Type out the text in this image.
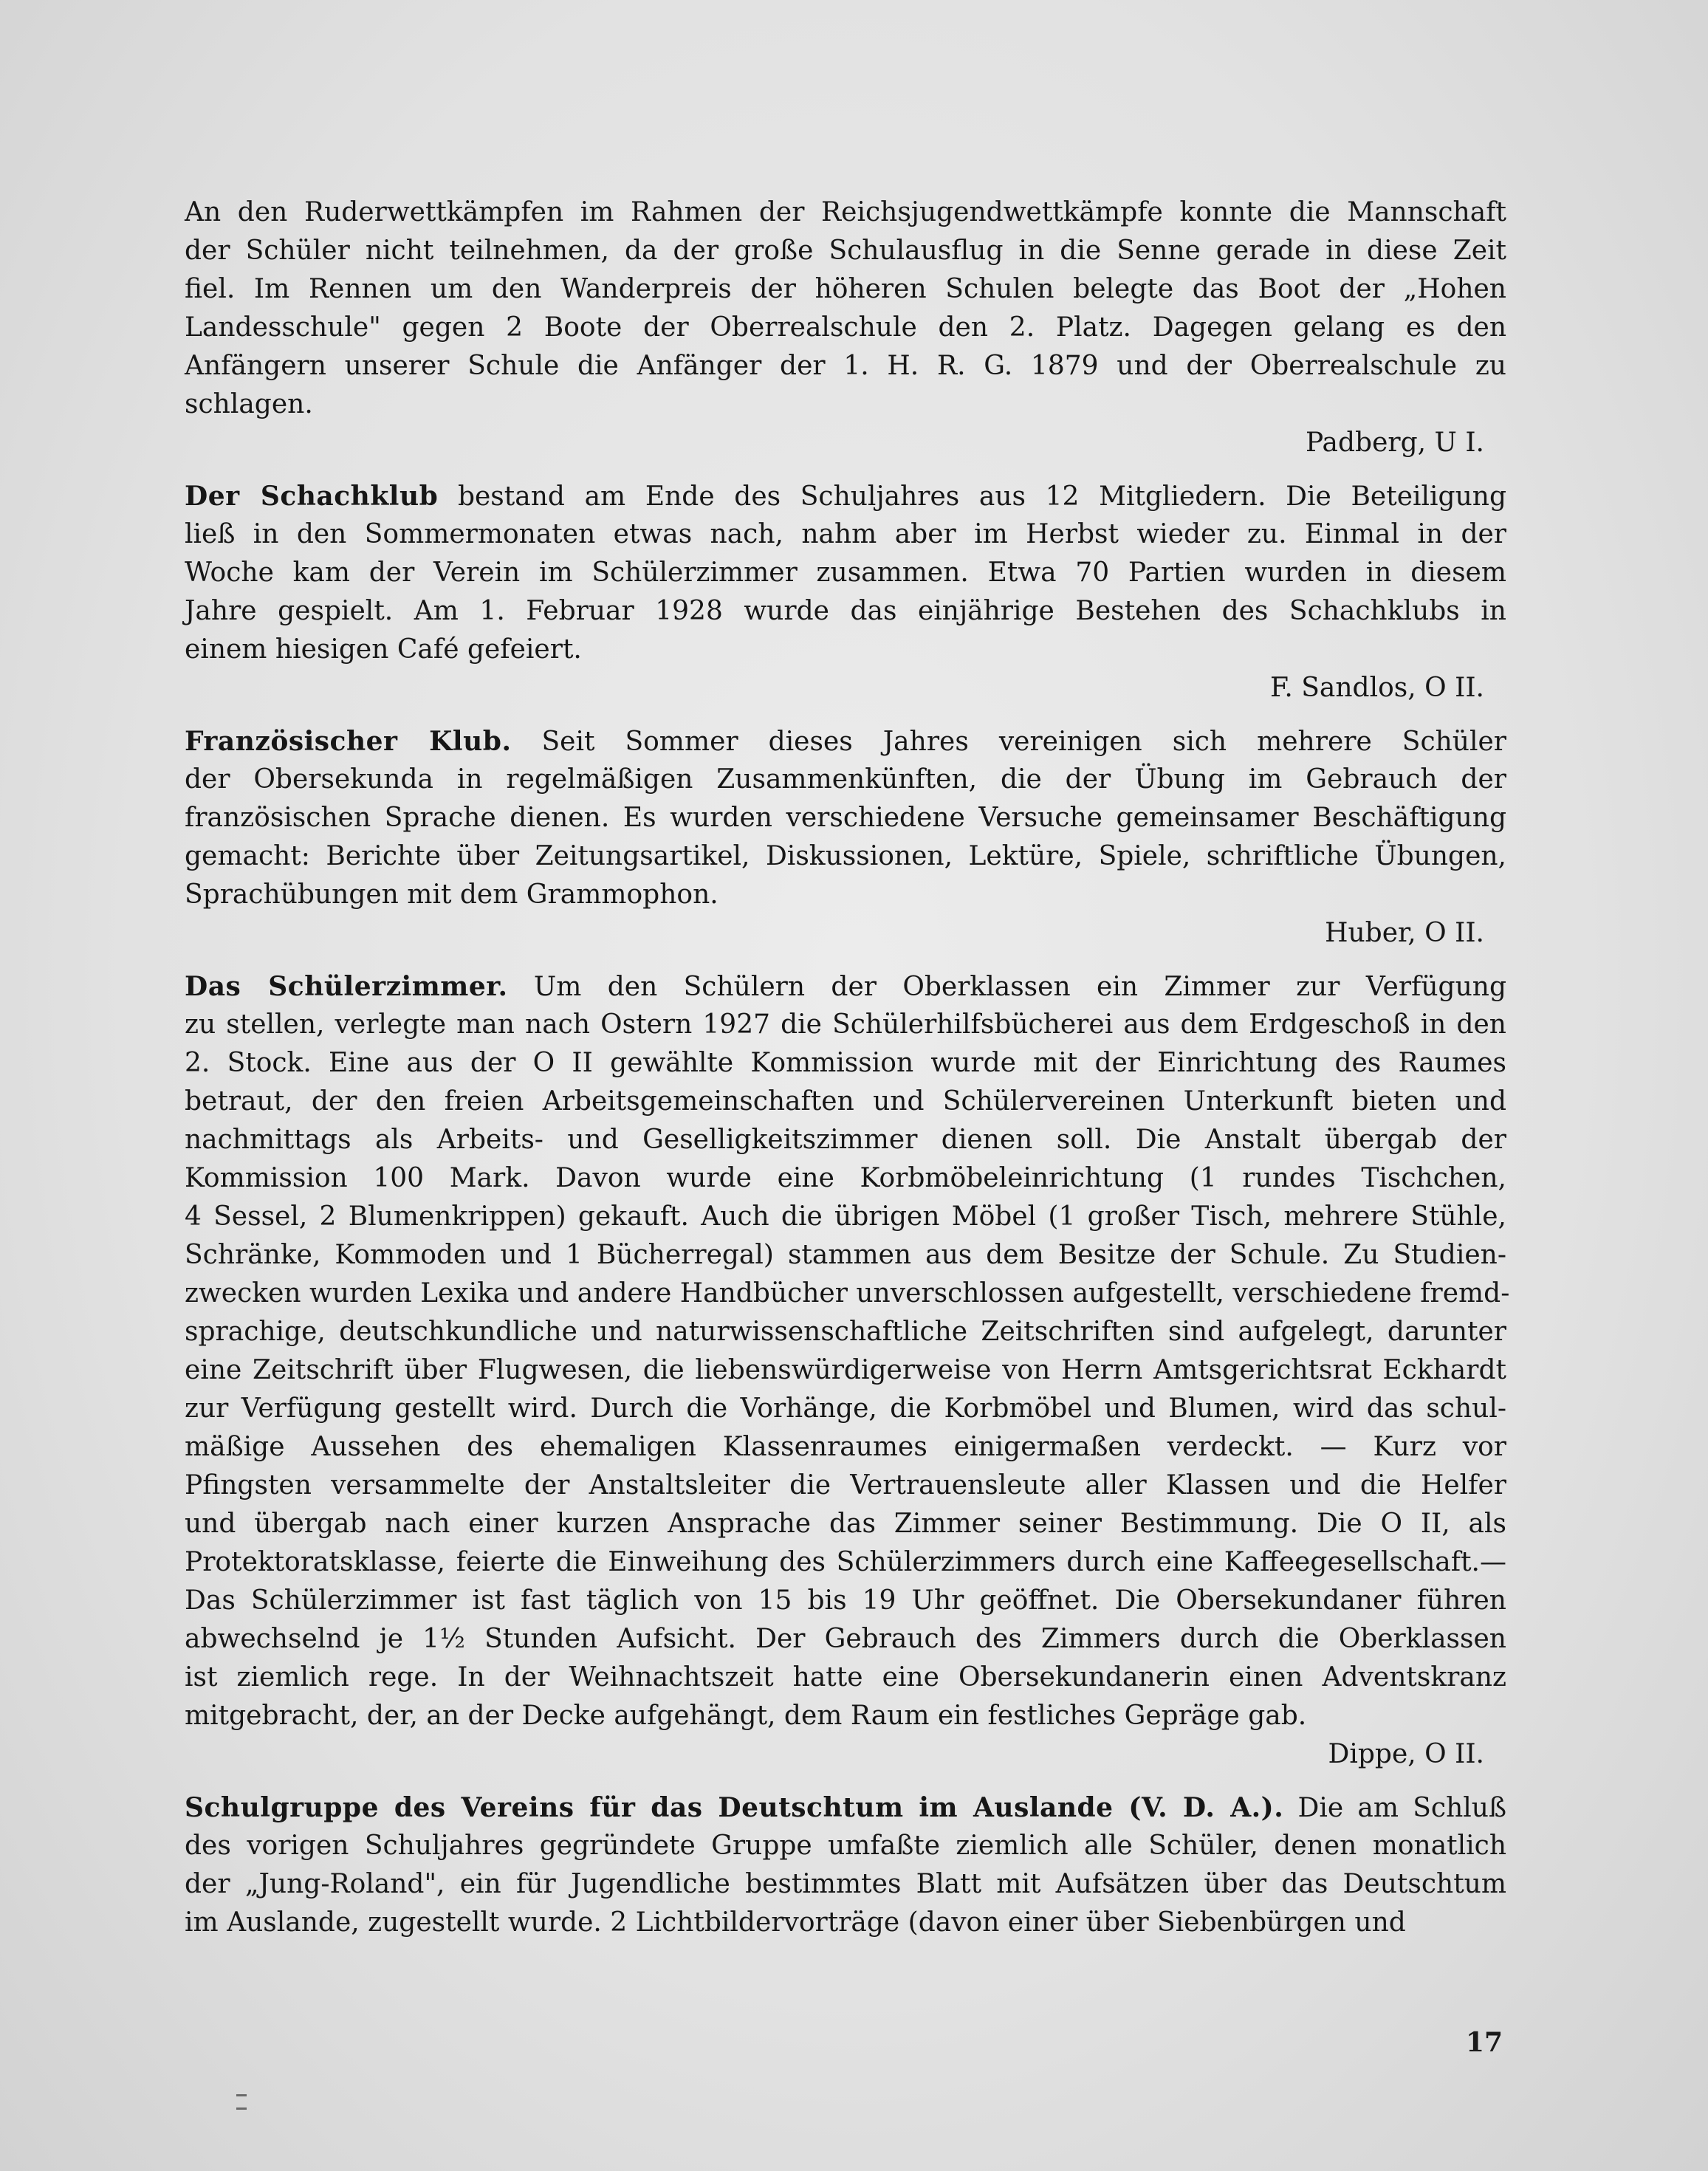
An den Ruderwettkämpfen im Rahmen der Reichsjugendwettkämpfe konnte die Mannschaft
der Schüler nicht teilnehmen, da der große Schulausflug in die Senne gerade in diese Zeit
fiel. Im Rennen um den Wanderpreis der höheren Schulen belegte das Boot der „Hohen
Landesschule" gegen 2 Boote der Oberrealschule den 2. Platz. Dagegen gelang es den
Anfängern unserer Schule die Anfänger der 1. H. R. G. 1879 und der Oberrealschule zu
schlagen.
Padberg, U I.
Der Schachklub bestand am Ende des Schuljahres aus 12 Mitgliedern. Die Beteiligung
ließ in den Sommermonaten etwas nach, nahm aber im Herbst wieder zu. Einmal in der
Woche kam der Verein im Schülerzimmer zusammen. Etwa 70 Partien wurden in diesem
Jahre gespielt. Am 1. Februar 1928 wurde das einjährige Bestehen des Schachklubs in
einem hiesigen Café gefeiert.
F. Sandlos, O II.
Französischer Klub. Seit Sommer dieses Jahres vereinigen sich mehrere Schüler
der Obersekunda in regelmäßigen Zusammenkünften, die der Übung im Gebrauch der
französischen Sprache dienen. Es wurden verschiedene Versuche gemeinsamer Beschäftigung
gemacht: Berichte über Zeitungsartikel, Diskussionen, Lektüre, Spiele, schriftliche Übungen,
Sprachübungen mit dem Grammophon.
Huber, O II.
Das Schülerzimmer. Um den Schülern der Oberklassen ein Zimmer zur Verfügung
zu stellen, verlegte man nach Ostern 1927 die Schülerhilfsbücherei aus dem Erdgeschoß in den
2. Stock. Eine aus der O II gewählte Kommission wurde mit der Einrichtung des Raumes
betraut, der den freien Arbeitsgemeinschaften und Schülervereinen Unterkunft bieten und
nachmittags als Arbeits- und Geselligkeitszimmer dienen soll. Die Anstalt übergab der
Kommission 100 Mark. Davon wurde eine Korbmöbeleinrichtung (1 rundes Tischchen,
4 Sessel, 2 Blumenkrippen) gekauft. Auch die übrigen Möbel (1 großer Tisch, mehrere Stühle,
Schränke, Kommoden und 1 Bücherregal) stammen aus dem Besitze der Schule. Zu Studien-
zwecken wurden Lexika und andere Handbücher unverschlossen aufgestellt, verschiedene fremd-
sprachige, deutschkundliche und naturwissenschaftliche Zeitschriften sind aufgelegt, darunter
eine Zeitschrift über Flugwesen, die liebenswürdigerweise von Herrn Amtsgerichtsrat Eckhardt
zur Verfügung gestellt wird. Durch die Vorhänge, die Korbmöbel und Blumen, wird das schul-
mäßige Aussehen des ehemaligen Klassenraumes einigermaßen verdeckt. — Kurz vor
Pfingsten versammelte der Anstaltsleiter die Vertrauensleute aller Klassen und die Helfer
und übergab nach einer kurzen Ansprache das Zimmer seiner Bestimmung. Die O II, als
Protektoratsklasse, feierte die Einweihung des Schülerzimmers durch eine Kaffeegesellschaft.—
Das Schülerzimmer ist fast täglich von 15 bis 19 Uhr geöffnet. Die Obersekundaner führen
abwechselnd je 1½ Stunden Aufsicht. Der Gebrauch des Zimmers durch die Oberklassen
ist ziemlich rege. In der Weihnachtszeit hatte eine Obersekundanerin einen Adventskranz
mitgebracht, der, an der Decke aufgehängt, dem Raum ein festliches Gepräge gab.
Dippe, O II.
Schulgruppe des Vereins für das Deutschtum im Auslande (V. D. A.). Die am Schluß
des vorigen Schuljahres gegründete Gruppe umfaßte ziemlich alle Schüler, denen monatlich
der „Jung-Roland", ein für Jugendliche bestimmtes Blatt mit Aufsätzen über das Deutschtum
im Auslande, zugestellt wurde. 2 Lichtbildervorträge (davon einer über Siebenbürgen und
17
